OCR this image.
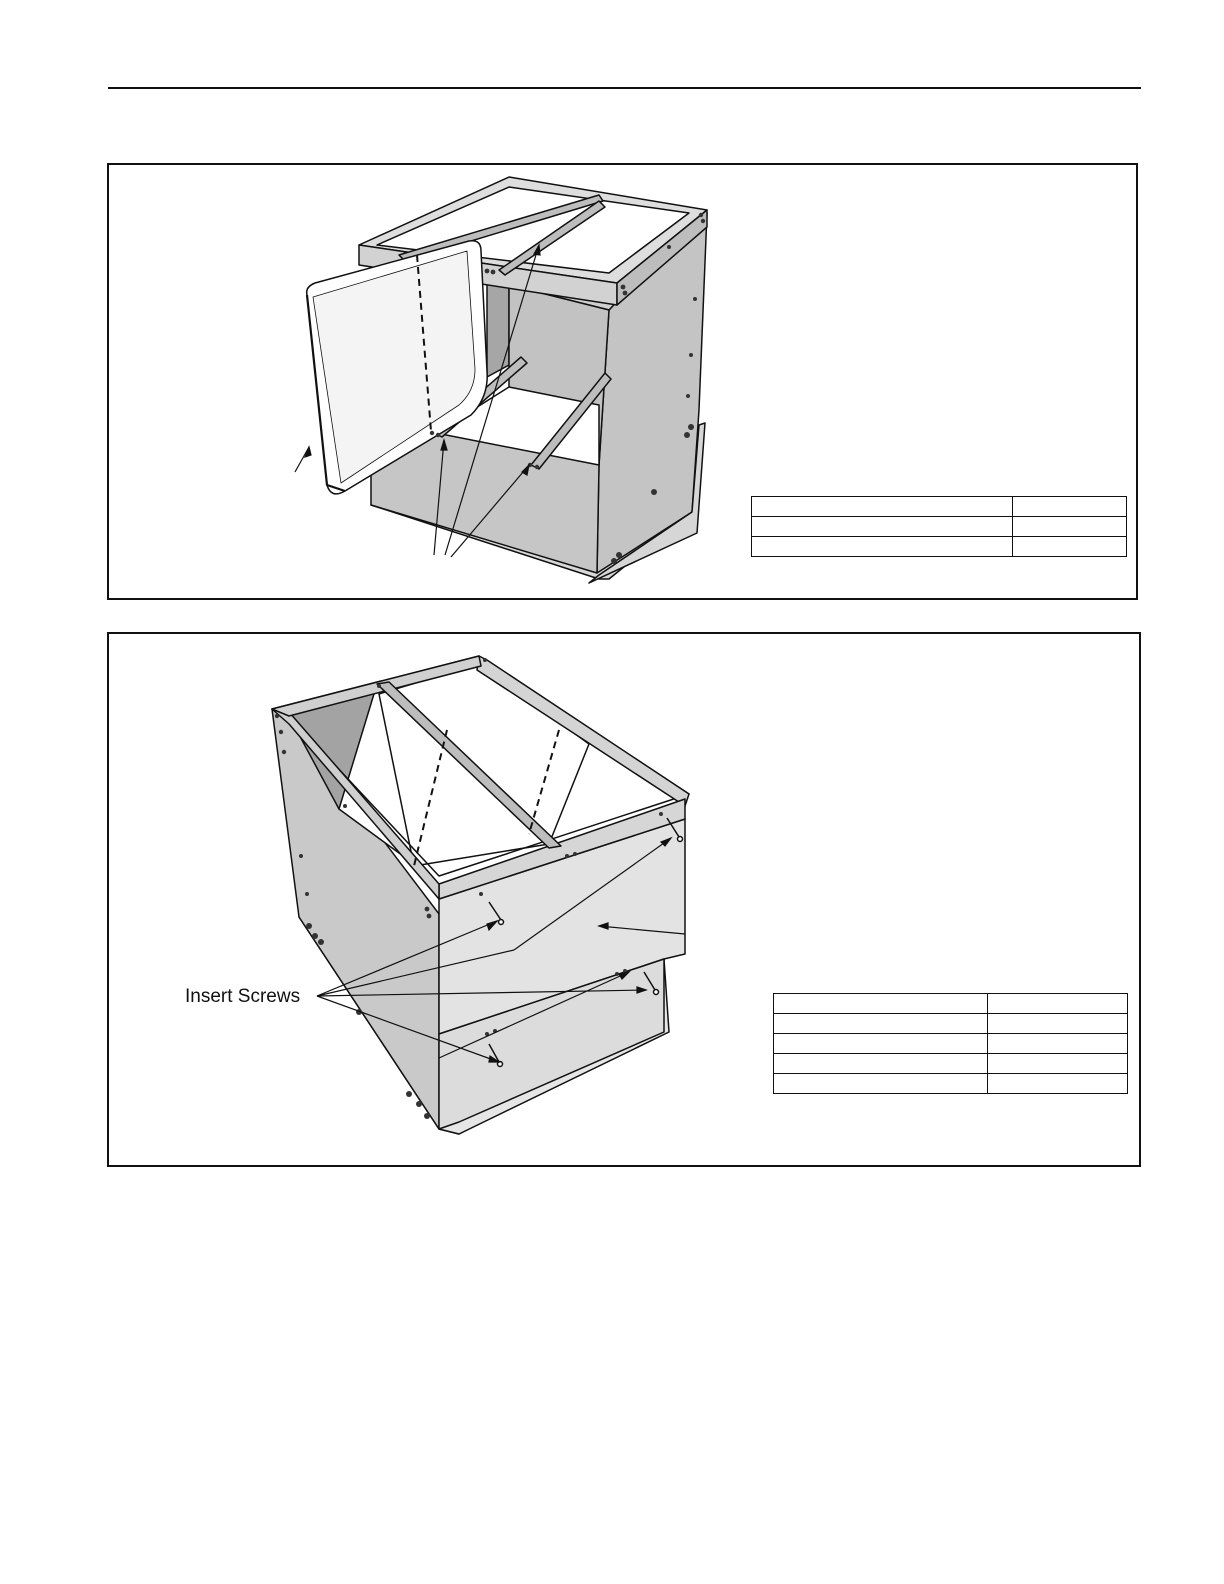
Insert Screws
